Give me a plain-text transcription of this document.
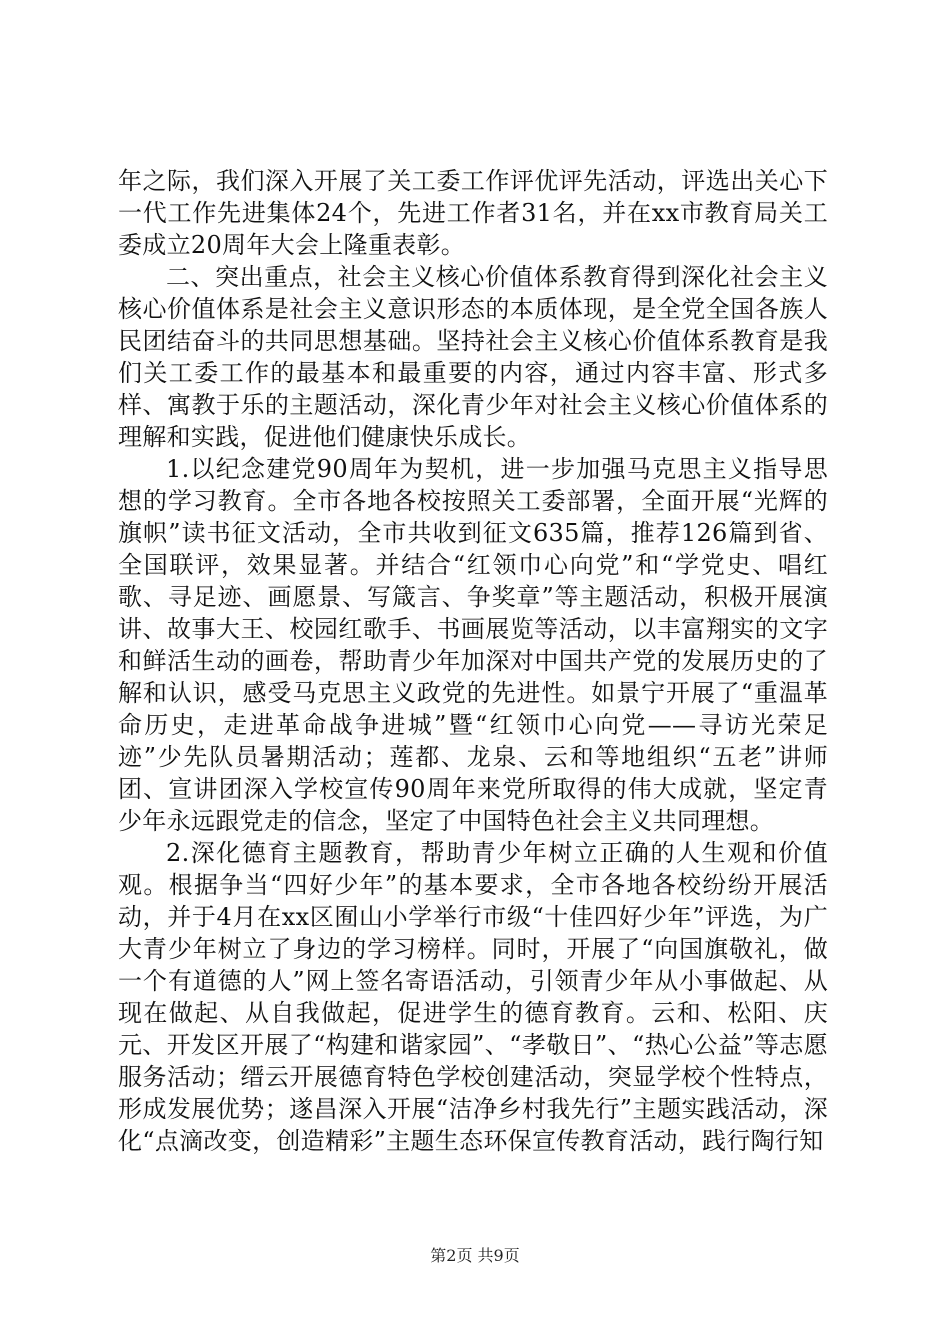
年之际，我们深入开展了关工委工作评优评先活动，评选出关心下一代工作先进集体24个，先进工作者31名，并在xx市教育局关工委成立20周年大会上隆重表彰。

二、突出重点，社会主义核心价值体系教育得到深化社会主义核心价值体系是社会主义意识形态的本质体现，是全党全国各族人民团结奋斗的共同思想基础。坚持社会主义核心价值体系教育是我们关工委工作的最基本和最重要的内容，通过内容丰富、形式多样、寓教于乐的主题活动，深化青少年对社会主义核心价值体系的理解和实践，促进他们健康快乐成长。

1.以纪念建党90周年为契机，进一步加强马克思主义指导思想的学习教育。全市各地各校按照关工委部署，全面开展“光辉的旗帜”读书征文活动，全市共收到征文635篇，推荐126篇到省、全国联评，效果显著。并结合“红领巾心向党”和“学党史、唱红歌、寻足迹、画愿景、写箴言、争奖章”等主题活动，积极开展演讲、故事大王、校园红歌手、书画展览等活动，以丰富翔实的文字和鲜活生动的画卷，帮助青少年加深对中国共产党的发展历史的了解和认识，感受马克思主义政党的先进性。如景宁开展了“重温革命历史，走进革命战争进城”暨“红领巾心向党——寻访光荣足迹”少先队员暑期活动；莲都、龙泉、云和等地组织“五老”讲师团、宣讲团深入学校宣传90周年来党所取得的伟大成就，坚定青少年永远跟党走的信念，坚定了中国特色社会主义共同理想。

2.深化德育主题教育，帮助青少年树立正确的人生观和价值观。根据争当“四好少年”的基本要求，全市各地各校纷纷开展活动，并于4月在xx区囿山小学举行市级“十佳四好少年”评选，为广大青少年树立了身边的学习榜样。同时，开展了“向国旗敬礼，做一个有道德的人”网上签名寄语活动，引领青少年从小事做起、从现在做起、从自我做起，促进学生的德育教育。云和、松阳、庆元、开发区开展了“构建和谐家园”、“孝敬日”、“热心公益”等志愿服务活动；缙云开展德育特色学校创建活动，突显学校个性特点，形成发展优势；遂昌深入开展“洁净乡村我先行”主题实践活动，深化“点滴改变，创造精彩”主题生态环保宣传教育活动，践行陶行知

第2页 共9页
